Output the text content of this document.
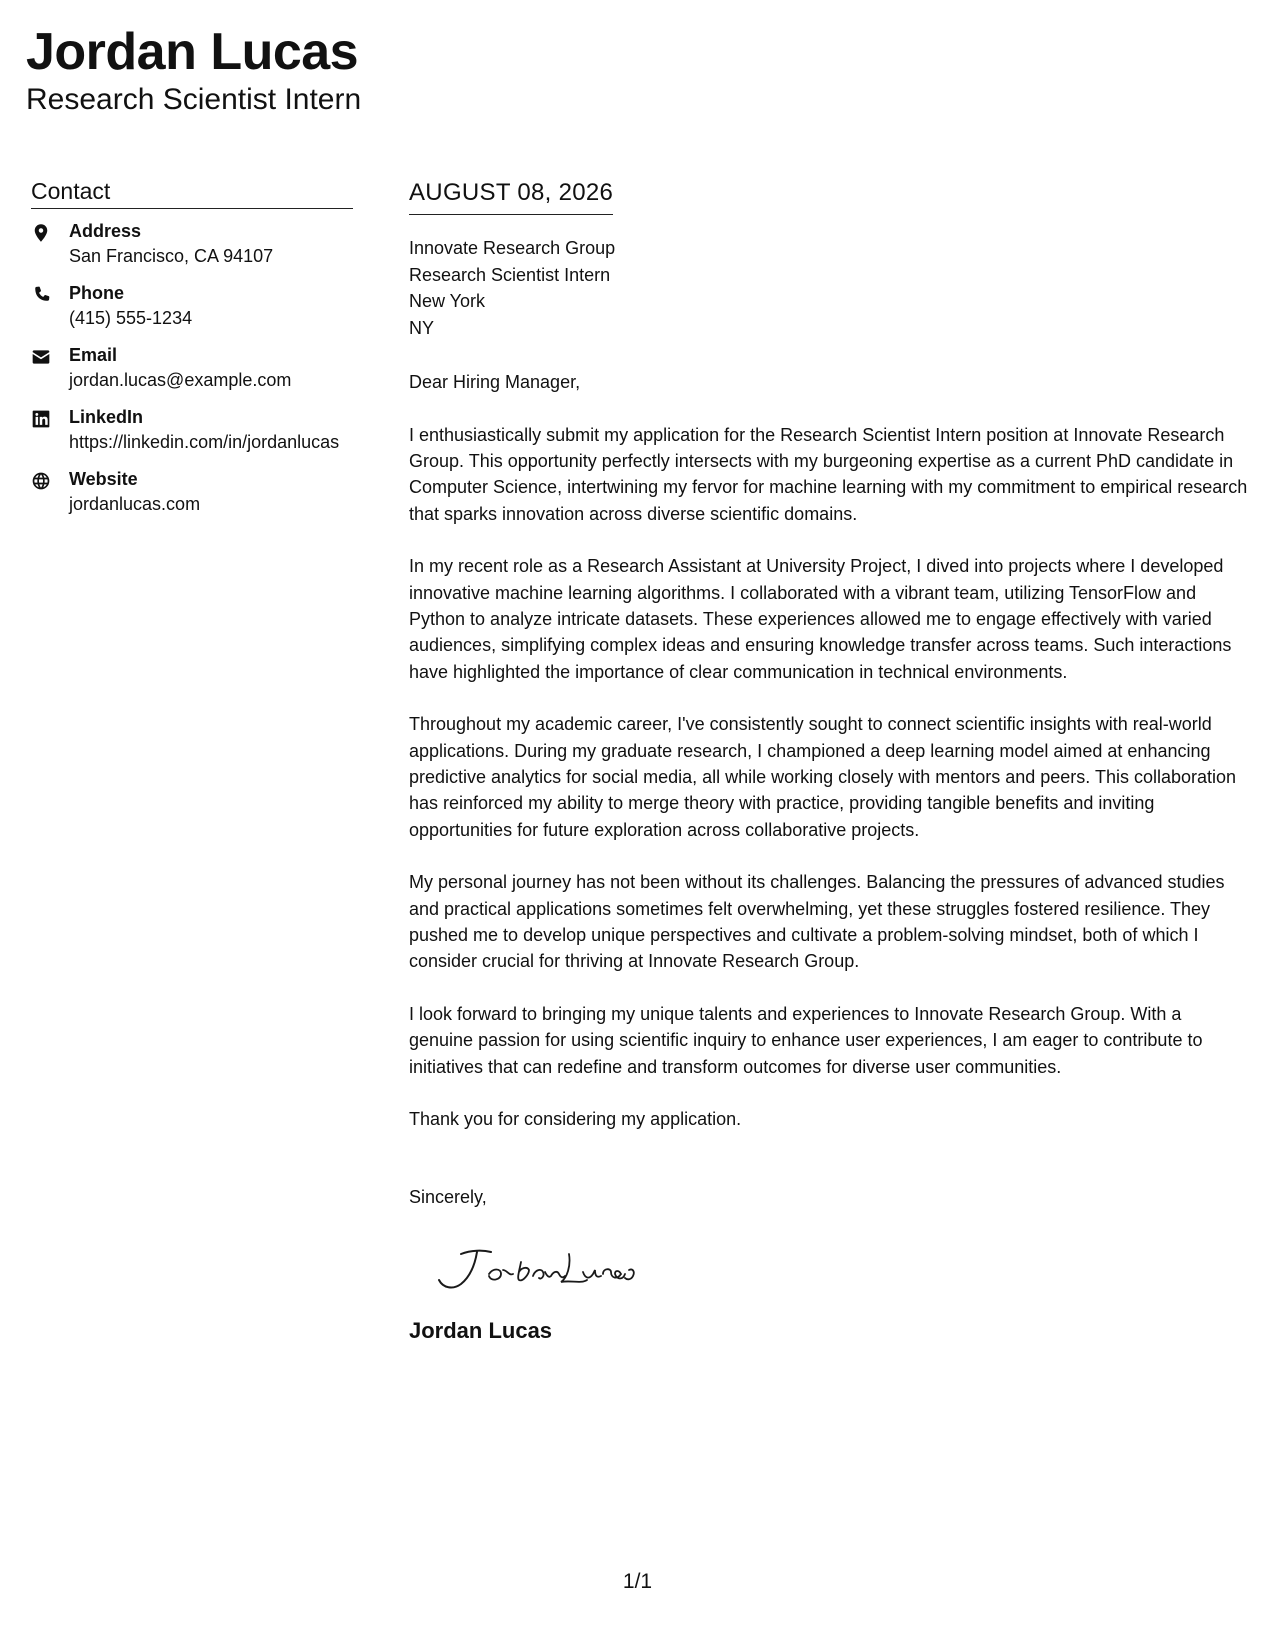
Jordan Lucas
Research Scientist Intern
Contact
Address
San Francisco, CA 94107
Phone
(415) 555-1234
Email
jordan.lucas@example.com
LinkedIn
https://linkedin.com/in/jordanlucas
Website
jordanlucas.com
AUGUST 08, 2026
Innovate Research Group
Research Scientist Intern
New York
NY
Dear Hiring Manager,

I enthusiastically submit my application for the Research Scientist Intern position at Innovate Research Group. This opportunity perfectly intersects with my burgeoning expertise as a current PhD candidate in Computer Science, intertwining my fervor for machine learning with my commitment to empirical research that sparks innovation across diverse scientific domains.

In my recent role as a Research Assistant at University Project, I dived into projects where I developed innovative machine learning algorithms. I collaborated with a vibrant team, utilizing TensorFlow and Python to analyze intricate datasets. These experiences allowed me to engage effectively with varied audiences, simplifying complex ideas and ensuring knowledge transfer across teams. Such interactions have highlighted the importance of clear communication in technical environments.

Throughout my academic career, I've consistently sought to connect scientific insights with real-world applications. During my graduate research, I championed a deep learning model aimed at enhancing predictive analytics for social media, all while working closely with mentors and peers. This collaboration has reinforced my ability to merge theory with practice, providing tangible benefits and inviting opportunities for future exploration across collaborative projects.

My personal journey has not been without its challenges. Balancing the pressures of advanced studies and practical applications sometimes felt overwhelming, yet these struggles fostered resilience. They pushed me to develop unique perspectives and cultivate a problem-solving mindset, both of which I consider crucial for thriving at Innovate Research Group.

I look forward to bringing my unique talents and experiences to Innovate Research Group. With a genuine passion for using scientific inquiry to enhance user experiences, I am eager to contribute to initiatives that can redefine and transform outcomes for diverse user communities.

Thank you for considering my application.

Sincerely,
Jordan Lucas
1/1
